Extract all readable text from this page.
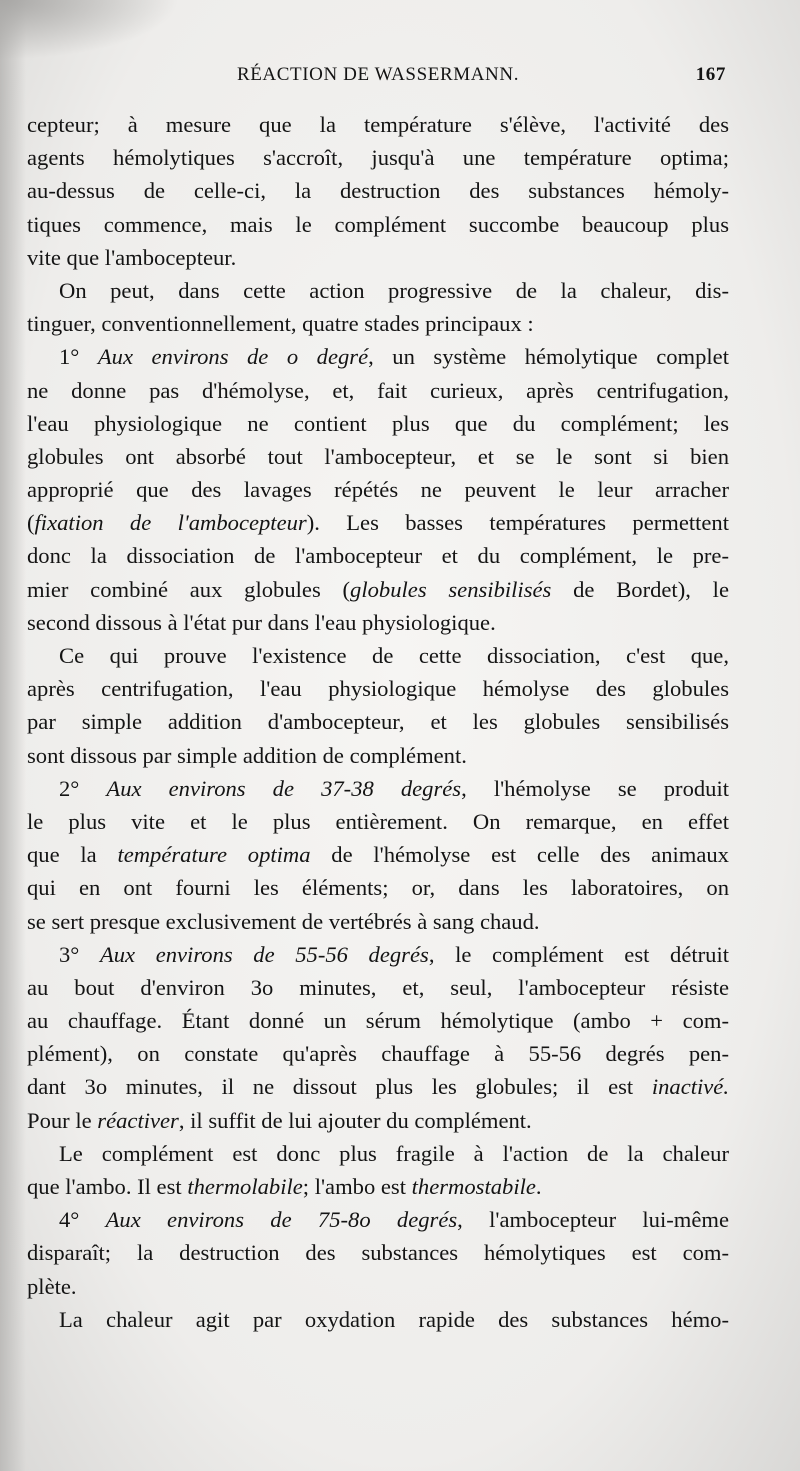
RÉACTION DE WASSERMANN.	167
cepteur; à mesure que la température s'élève, l'activité des
agents hémolytiques s'accroît, jusqu'à une température optima;
au-dessus de celle-ci, la destruction des substances hémoly-
tiques commence, mais le complément succombe beaucoup plus
vite que l'ambocepteur.
On peut, dans cette action progressive de la chaleur, dis-
tinguer, conventionnellement, quatre stades principaux :
1° Aux environs de o degré, un système hémolytique complet
ne donne pas d'hémolyse, et, fait curieux, après centrifugation,
l'eau physiologique ne contient plus que du complément; les
globules ont absorbé tout l'ambocepteur, et se le sont si bien
approprié que des lavages répétés ne peuvent le leur arracher
(fixation de l'ambocepteur). Les basses températures permettent
donc la dissociation de l'ambocepteur et du complément, le pre-
mier combiné aux globules (globules sensibilisés de Bordet), le
second dissous à l'état pur dans l'eau physiologique.
Ce qui prouve l'existence de cette dissociation, c'est que,
après centrifugation, l'eau physiologique hémolyse des globules
par simple addition d'ambocepteur, et les globules sensibilisés
sont dissous par simple addition de complément.
2° Aux environs de 37-38 degrés, l'hémolyse se produit
le plus vite et le plus entièrement. On remarque, en effet
que la température optima de l'hémolyse est celle des animaux
qui en ont fourni les éléments; or, dans les laboratoires, on
se sert presque exclusivement de vertébrés à sang chaud.
3° Aux environs de 55-56 degrés, le complément est détruit
au bout d'environ 3o minutes, et, seul, l'ambocepteur résiste
au chauffage. Étant donné un sérum hémolytique (ambo + com-
plément), on constate qu'après chauffage à 55-56 degrés pen-
dant 3o minutes, il ne dissout plus les globules; il est inactivé.
Pour le réactiver, il suffit de lui ajouter du complément.
Le complément est donc plus fragile à l'action de la chaleur
que l'ambo. Il est thermolabile; l'ambo est thermostabile.
4° Aux environs de 75-8o degrés, l'ambocepteur lui-même
disparaît; la destruction des substances hémolytiques est com-
plète.
La chaleur agit par oxydation rapide des substances hémo-
